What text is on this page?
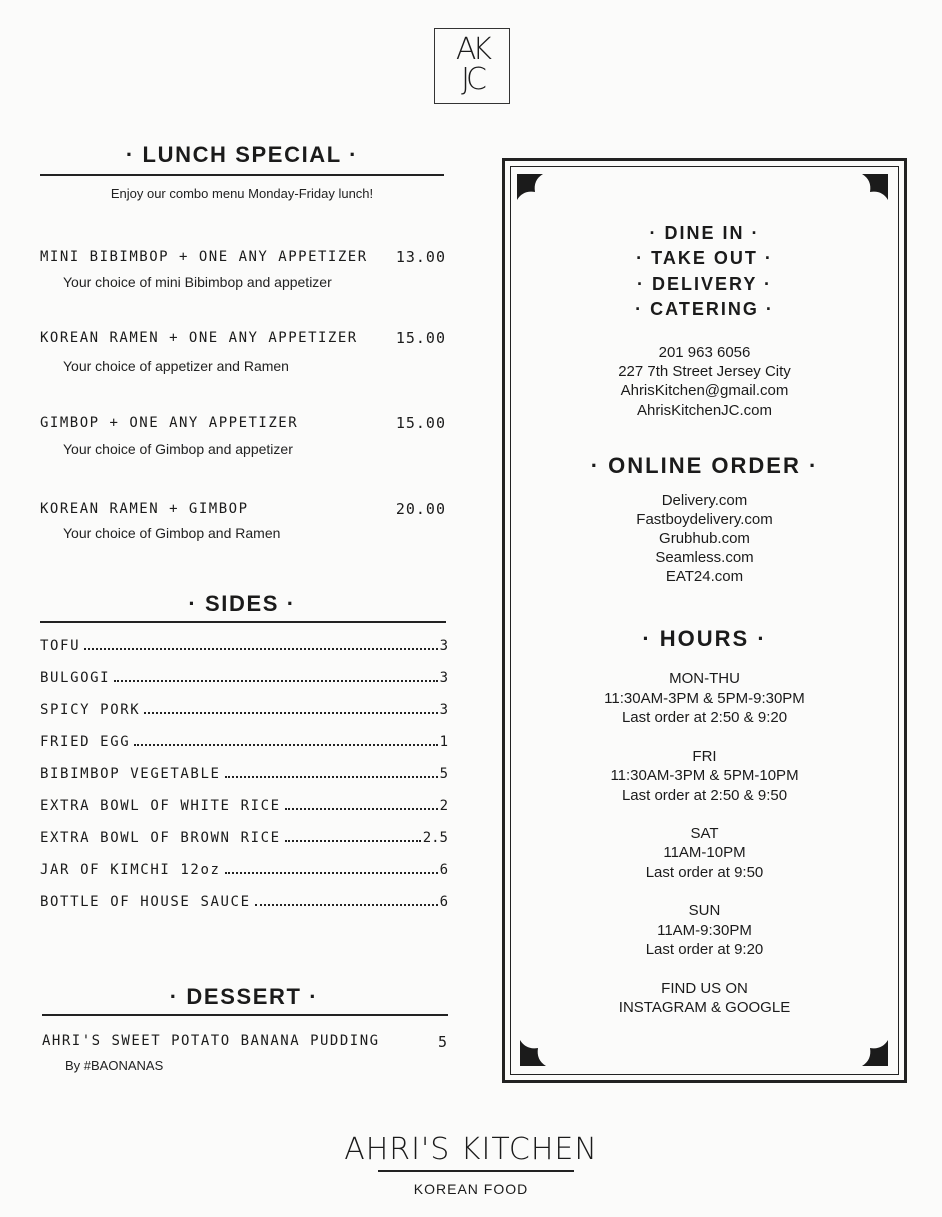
AK
JC
· LUNCH SPECIAL ·
Enjoy our combo menu Monday-Friday lunch!
MINI BIBIMBOP + ONE ANY APPETIZER	13.00
Your choice of mini Bibimbop and appetizer
KOREAN RAMEN + ONE ANY APPETIZER	15.00
Your choice of appetizer and Ramen
GIMBOP + ONE ANY APPETIZER	15.00
Your choice of Gimbop and appetizer
KOREAN RAMEN + GIMBOP	20.00
Your choice of Gimbop and Ramen
· SIDES ·
TOFU	3
BULGOGI	3
SPICY PORK	3
FRIED EGG	1
BIBIMBOP VEGETABLE	5
EXTRA BOWL OF WHITE RICE	2
EXTRA BOWL OF BROWN RICE	2.5
JAR OF KIMCHI 12oz	6
BOTTLE OF HOUSE SAUCE	6
· DESSERT ·
AHRI'S SWEET POTATO BANANA PUDDING	5
By #BAONANAS
· DINE IN ·
· TAKE OUT ·
· DELIVERY ·
· CATERING ·
201 963 6056
227 7th Street Jersey City
AhrisKitchen@gmail.com
AhrisKitchenJC.com
· ONLINE ORDER ·
Delivery.com
Fastboydelivery.com
Grubhub.com
Seamless.com
EAT24.com
· HOURS ·
MON-THU
11:30AM-3PM & 5PM-9:30PM
Last order at 2:50 & 9:20
FRI
11:30AM-3PM & 5PM-10PM
Last order at 2:50 & 9:50
SAT
11AM-10PM
Last order at 9:50
SUN
11AM-9:30PM
Last order at 9:20
FIND US ON
INSTAGRAM & GOOGLE
AHRI'S KITCHEN
KOREAN FOOD
